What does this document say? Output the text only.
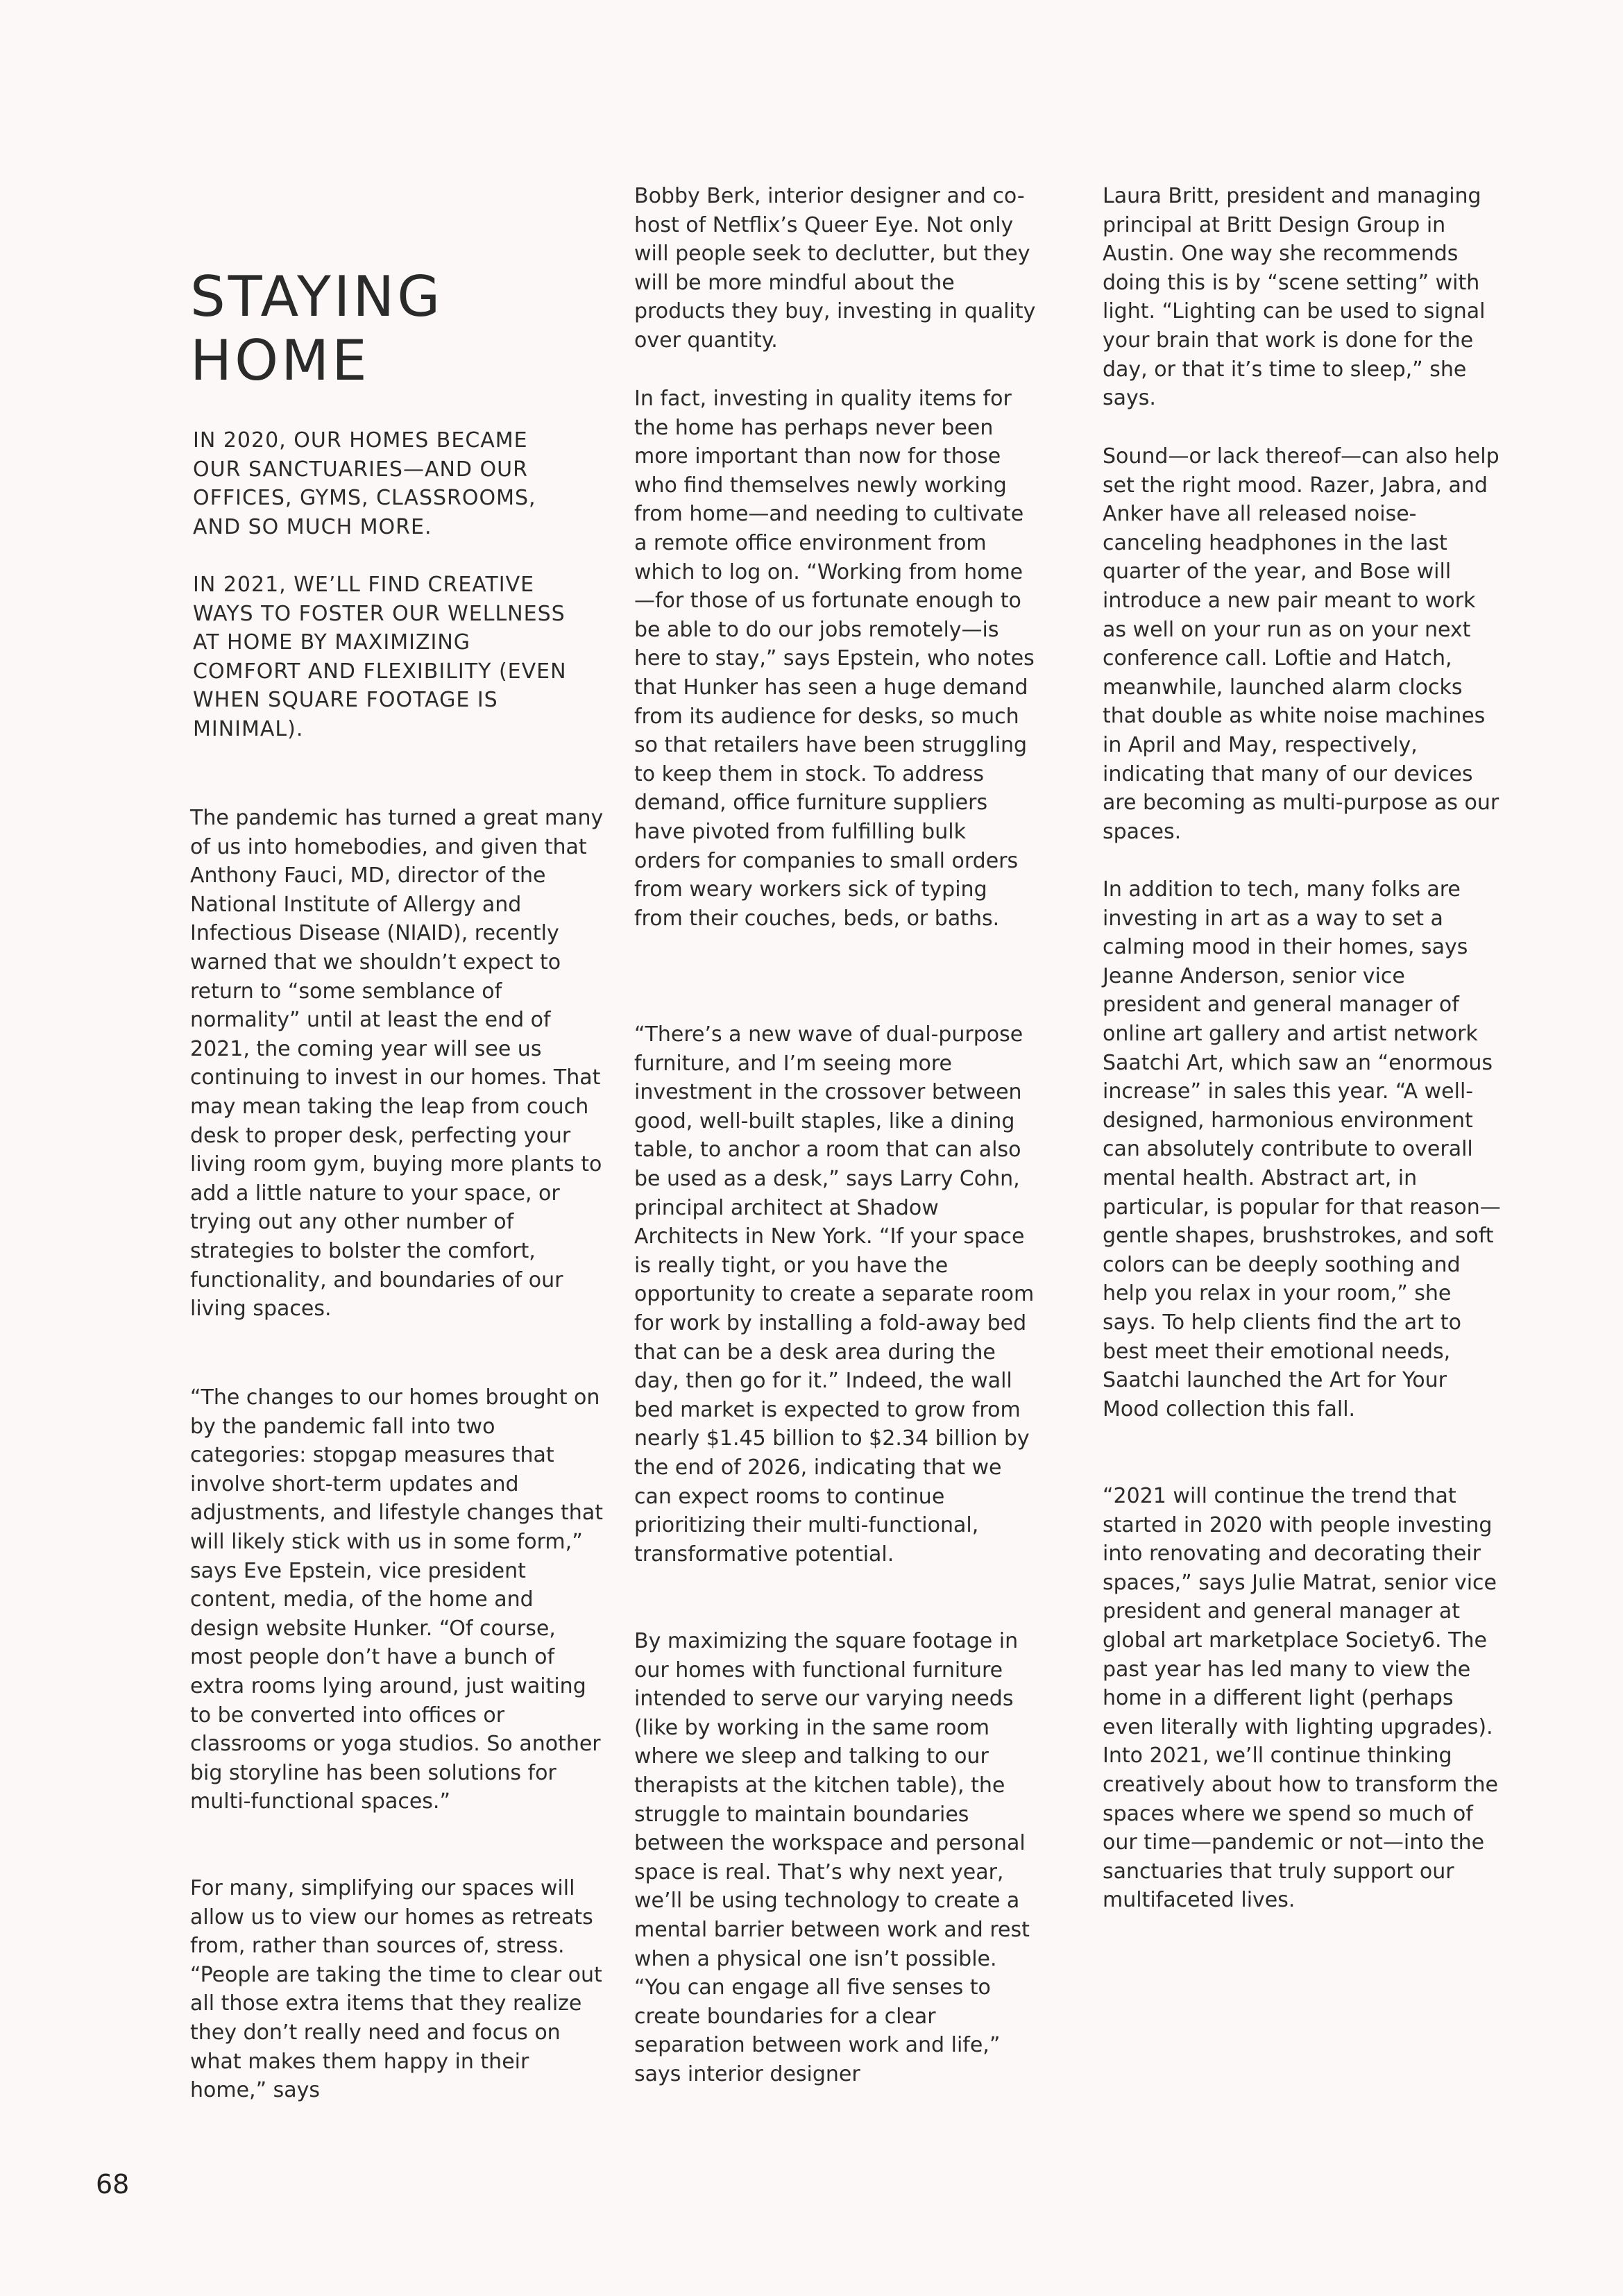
STAYING
HOME

IN 2020, OUR HOMES BECAME OUR SANCTUARIES—AND OUR OFFICES, GYMS, CLASSROOMS, AND SO MUCH MORE.

IN 2021, WE’LL FIND CREATIVE WAYS TO FOSTER OUR WELLNESS AT HOME BY MAXIMIZING COMFORT AND FLEXIBILITY (EVEN WHEN SQUARE FOOTAGE IS MINIMAL).

The pandemic has turned a great many of us into homebodies, and given that Anthony Fauci, MD, director of the National Institute of Allergy and Infectious Disease (NIAID), recently warned that we shouldn’t expect to return to “some semblance of normality” until at least the end of 2021, the coming year will see us continuing to invest in our homes. That may mean taking the leap from couch desk to proper desk, perfecting your living room gym, buying more plants to add a little nature to your space, or trying out any other number of strategies to bolster the comfort, functionality, and boundaries of our living spaces.

“The changes to our homes brought on by the pandemic fall into two categories: stopgap measures that involve short-term updates and adjustments, and lifestyle changes that will likely stick with us in some form,” says Eve Epstein, vice president content, media, of the home and design website Hunker. “Of course, most people don’t have a bunch of extra rooms lying around, just waiting to be converted into offices or classrooms or yoga studios. So another big storyline has been solutions for multi-functional spaces.”

For many, simplifying our spaces will allow us to view our homes as retreats from, rather than sources of, stress. “People are taking the time to clear out all those extra items that they realize they don’t really need and focus on what makes them happy in their home,” says

Bobby Berk, interior designer and co-host of Netflix’s Queer Eye. Not only will people seek to declutter, but they will be more mindful about the products they buy, investing in quality over quantity.

In fact, investing in quality items for the home has perhaps never been more important than now for those who find themselves newly working from home—and needing to cultivate a remote office environment from which to log on. “Working from home—for those of us fortunate enough to be able to do our jobs remotely—is here to stay,” says Epstein, who notes that Hunker has seen a huge demand from its audience for desks, so much so that retailers have been struggling to keep them in stock. To address demand, office furniture suppliers have pivoted from fulfilling bulk orders for companies to small orders from weary workers sick of typing from their couches, beds, or baths.

“There’s a new wave of dual-purpose furniture, and I’m seeing more investment in the crossover between good, well-built staples, like a dining table, to anchor a room that can also be used as a desk,” says Larry Cohn, principal architect at Shadow Architects in New York. “If your space is really tight, or you have the opportunity to create a separate room for work by installing a fold-away bed that can be a desk area during the day, then go for it.” Indeed, the wall bed market is expected to grow from nearly $1.45 billion to $2.34 billion by the end of 2026, indicating that we can expect rooms to continue prioritizing their multi-functional, transformative potential.

By maximizing the square footage in our homes with functional furniture intended to serve our varying needs (like by working in the same room where we sleep and talking to our therapists at the kitchen table), the struggle to maintain boundaries between the workspace and personal space is real. That’s why next year, we’ll be using technology to create a mental barrier between work and rest when a physical one isn’t possible. “You can engage all five senses to create boundaries for a clear separation between work and life,” says interior designer

Laura Britt, president and managing principal at Britt Design Group in Austin. One way she recommends doing this is by “scene setting” with light. “Lighting can be used to signal your brain that work is done for the day, or that it’s time to sleep,” she says.

Sound—or lack thereof—can also help set the right mood. Razer, Jabra, and Anker have all released noise-canceling headphones in the last quarter of the year, and Bose will introduce a new pair meant to work as well on your run as on your next conference call. Loftie and Hatch, meanwhile, launched alarm clocks that double as white noise machines in April and May, respectively, indicating that many of our devices are becoming as multi-purpose as our spaces.

In addition to tech, many folks are investing in art as a way to set a calming mood in their homes, says Jeanne Anderson, senior vice president and general manager of online art gallery and artist network Saatchi Art, which saw an “enormous increase” in sales this year. “A well-designed, harmonious environment can absolutely contribute to overall mental health. Abstract art, in particular, is popular for that reason—gentle shapes, brushstrokes, and soft colors can be deeply soothing and help you relax in your room,” she says. To help clients find the art to best meet their emotional needs, Saatchi launched the Art for Your Mood collection this fall.

“2021 will continue the trend that started in 2020 with people investing into renovating and decorating their spaces,” says Julie Matrat, senior vice president and general manager at global art marketplace Society6. The past year has led many to view the home in a different light (perhaps even literally with lighting upgrades). Into 2021, we’ll continue thinking creatively about how to transform the spaces where we spend so much of our time—pandemic or not—into the sanctuaries that truly support our multifaceted lives.

68
